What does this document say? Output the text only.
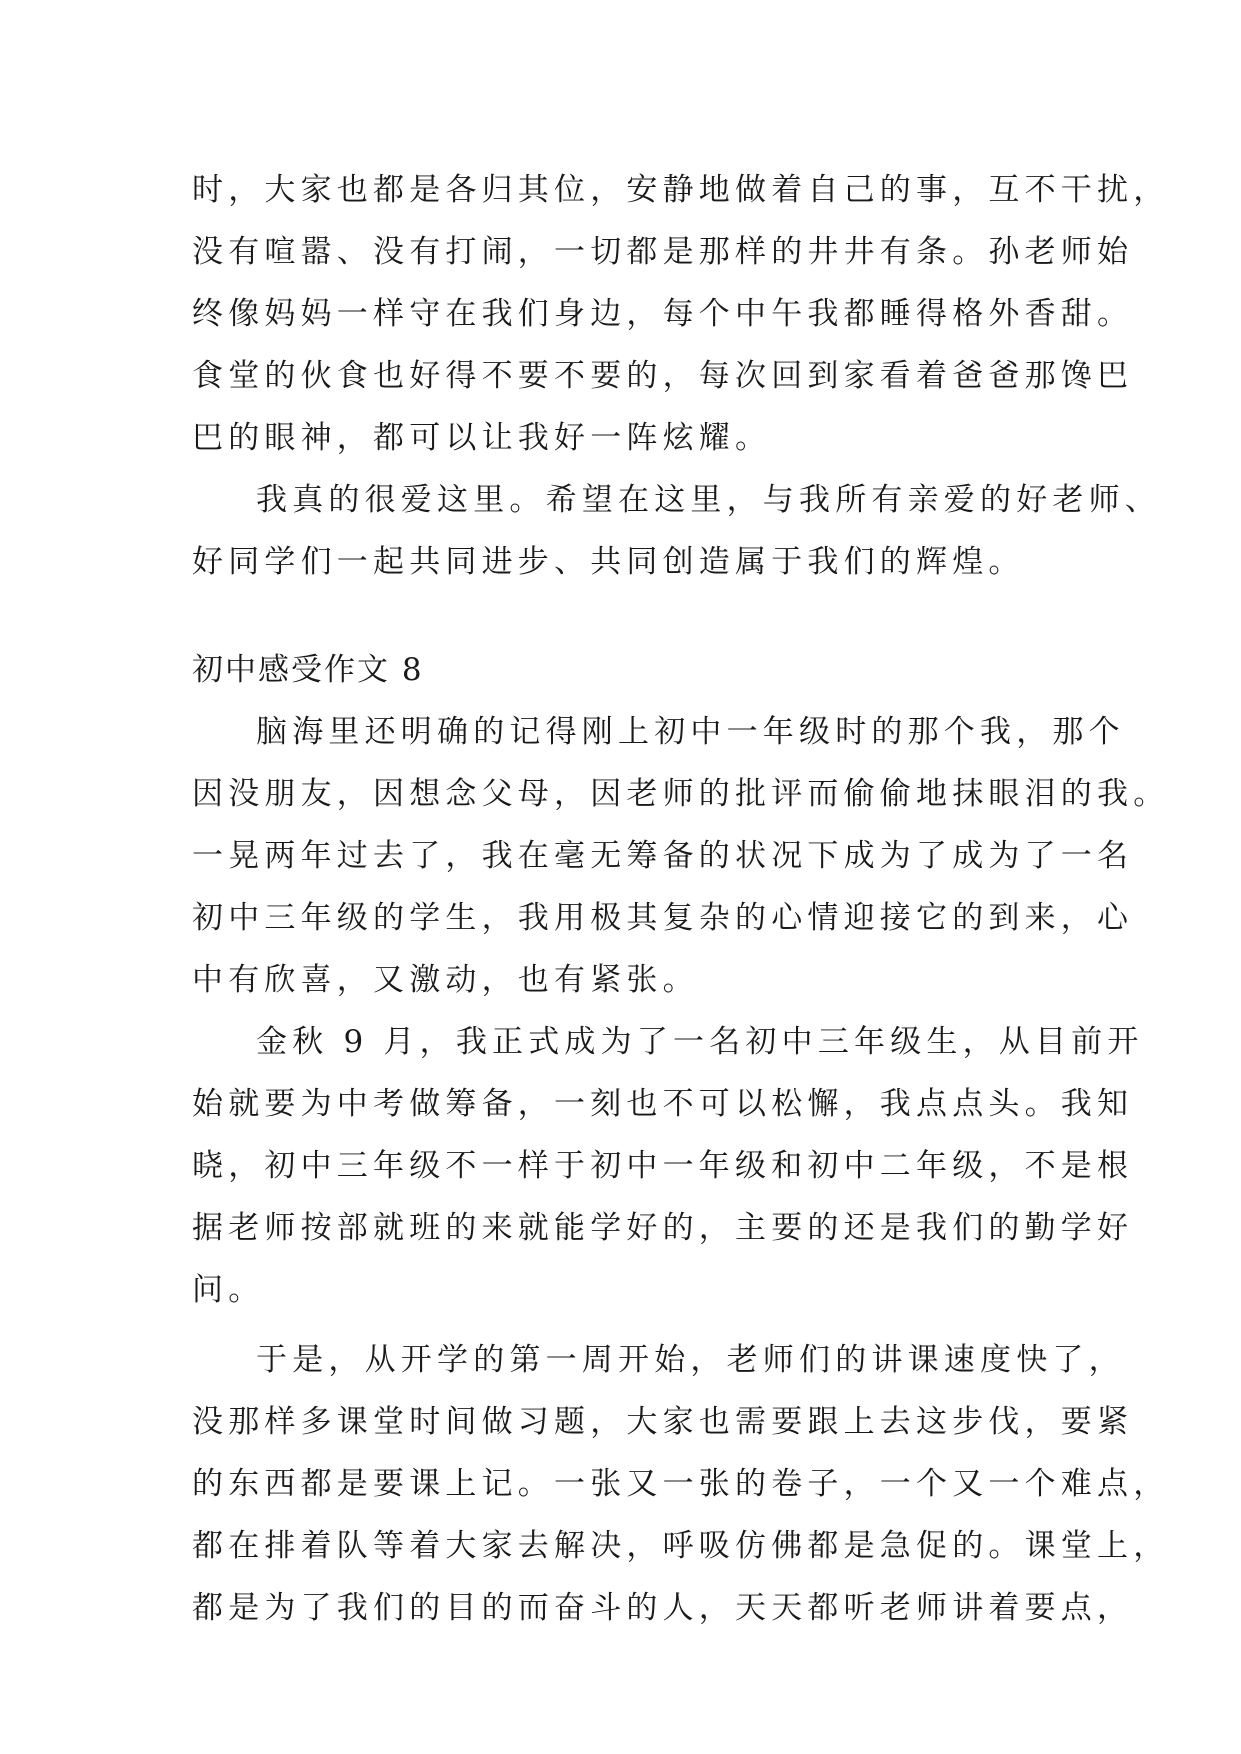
时，大家也都是各归其位，安静地做着自己的事，互不干扰，
没有喧嚣、没有打闹，一切都是那样的井井有条。孙老师始
终像妈妈一样守在我们身边，每个中午我都睡得格外香甜。
食堂的伙食也好得不要不要的，每次回到家看着爸爸那馋巴
巴的眼神，都可以让我好一阵炫耀。
我真的很爱这里。希望在这里，与我所有亲爱的好老师、
好同学们一起共同进步、共同创造属于我们的辉煌。
初中感受作文 8
脑海里还明确的记得刚上初中一年级时的那个我，那个
因没朋友，因想念父母，因老师的批评而偷偷地抹眼泪的我。
一晃两年过去了，我在毫无筹备的状况下成为了成为了一名
初中三年级的学生，我用极其复杂的心情迎接它的到来，心
中有欣喜，又激动，也有紧张。
金秋 9 月，我正式成为了一名初中三年级生，从目前开
始就要为中考做筹备，一刻也不可以松懈，我点点头。我知
晓，初中三年级不一样于初中一年级和初中二年级，不是根
据老师按部就班的来就能学好的，主要的还是我们的勤学好
问。
于是，从开学的第一周开始，老师们的讲课速度快了，
没那样多课堂时间做习题，大家也需要跟上去这步伐，要紧
的东西都是要课上记。一张又一张的卷子，一个又一个难点，
都在排着队等着大家去解决，呼吸仿佛都是急促的。课堂上，
都是为了我们的目的而奋斗的人，天天都听老师讲着要点，
